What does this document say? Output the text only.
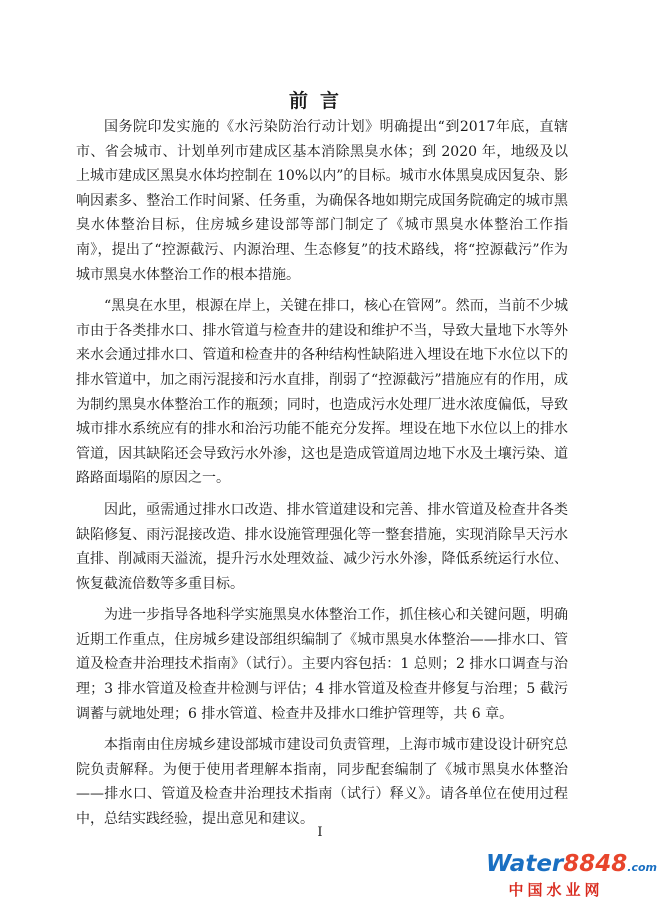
前言

国务院印发实施的《水污染防治行动计划》明确提出“到2017年底，直辖市、省会城市、计划单列市建成区基本消除黑臭水体；到 2020 年，地级及以上城市建成区黑臭水体均控制在 10%以内”的目标。城市水体黑臭成因复杂、影响因素多、整治工作时间紧、任务重，为确保各地如期完成国务院确定的城市黑臭水体整治目标，住房城乡建设部等部门制定了《城市黑臭水体整治工作指南》，提出了“控源截污、内源治理、生态修复”的技术路线，将“控源截污”作为城市黑臭水体整治工作的根本措施。

“黑臭在水里，根源在岸上，关键在排口，核心在管网”。然而，当前不少城市由于各类排水口、排水管道与检查井的建设和维护不当，导致大量地下水等外来水会通过排水口、管道和检查井的各种结构性缺陷进入埋设在地下水位以下的排水管道中，加之雨污混接和污水直排，削弱了“控源截污”措施应有的作用，成为制约黑臭水体整治工作的瓶颈；同时，也造成污水处理厂进水浓度偏低，导致城市排水系统应有的排水和治污功能不能充分发挥。埋设在地下水位以上的排水管道，因其缺陷还会导致污水外渗，这也是造成管道周边地下水及土壤污染、道路路面塌陷的原因之一。

因此，亟需通过排水口改造、排水管道建设和完善、排水管道及检查井各类缺陷修复、雨污混接改造、排水设施管理强化等一整套措施，实现消除旱天污水直排、削减雨天溢流，提升污水处理效益、减少污水外渗，降低系统运行水位、恢复截流倍数等多重目标。

为进一步指导各地科学实施黑臭水体整治工作，抓住核心和关键问题，明确近期工作重点，住房城乡建设部组织编制了《城市黑臭水体整治——排水口、管道及检查井治理技术指南》（试行）。主要内容包括：1 总则；2 排水口调查与治理；3 排水管道及检查井检测与评估；4 排水管道及检查井修复与治理；5 截污调蓄与就地处理；6 排水管道、检查井及排水口维护管理等，共 6 章。

本指南由住房城乡建设部城市建设司负责管理，上海市城市建设设计研究总院负责解释。为便于使用者理解本指南，同步配套编制了《城市黑臭水体整治——排水口、管道及检查井治理技术指南（试行）释义》。请各单位在使用过程中，总结实践经验，提出意见和建议。

I
Water8848.com
中国水业网
